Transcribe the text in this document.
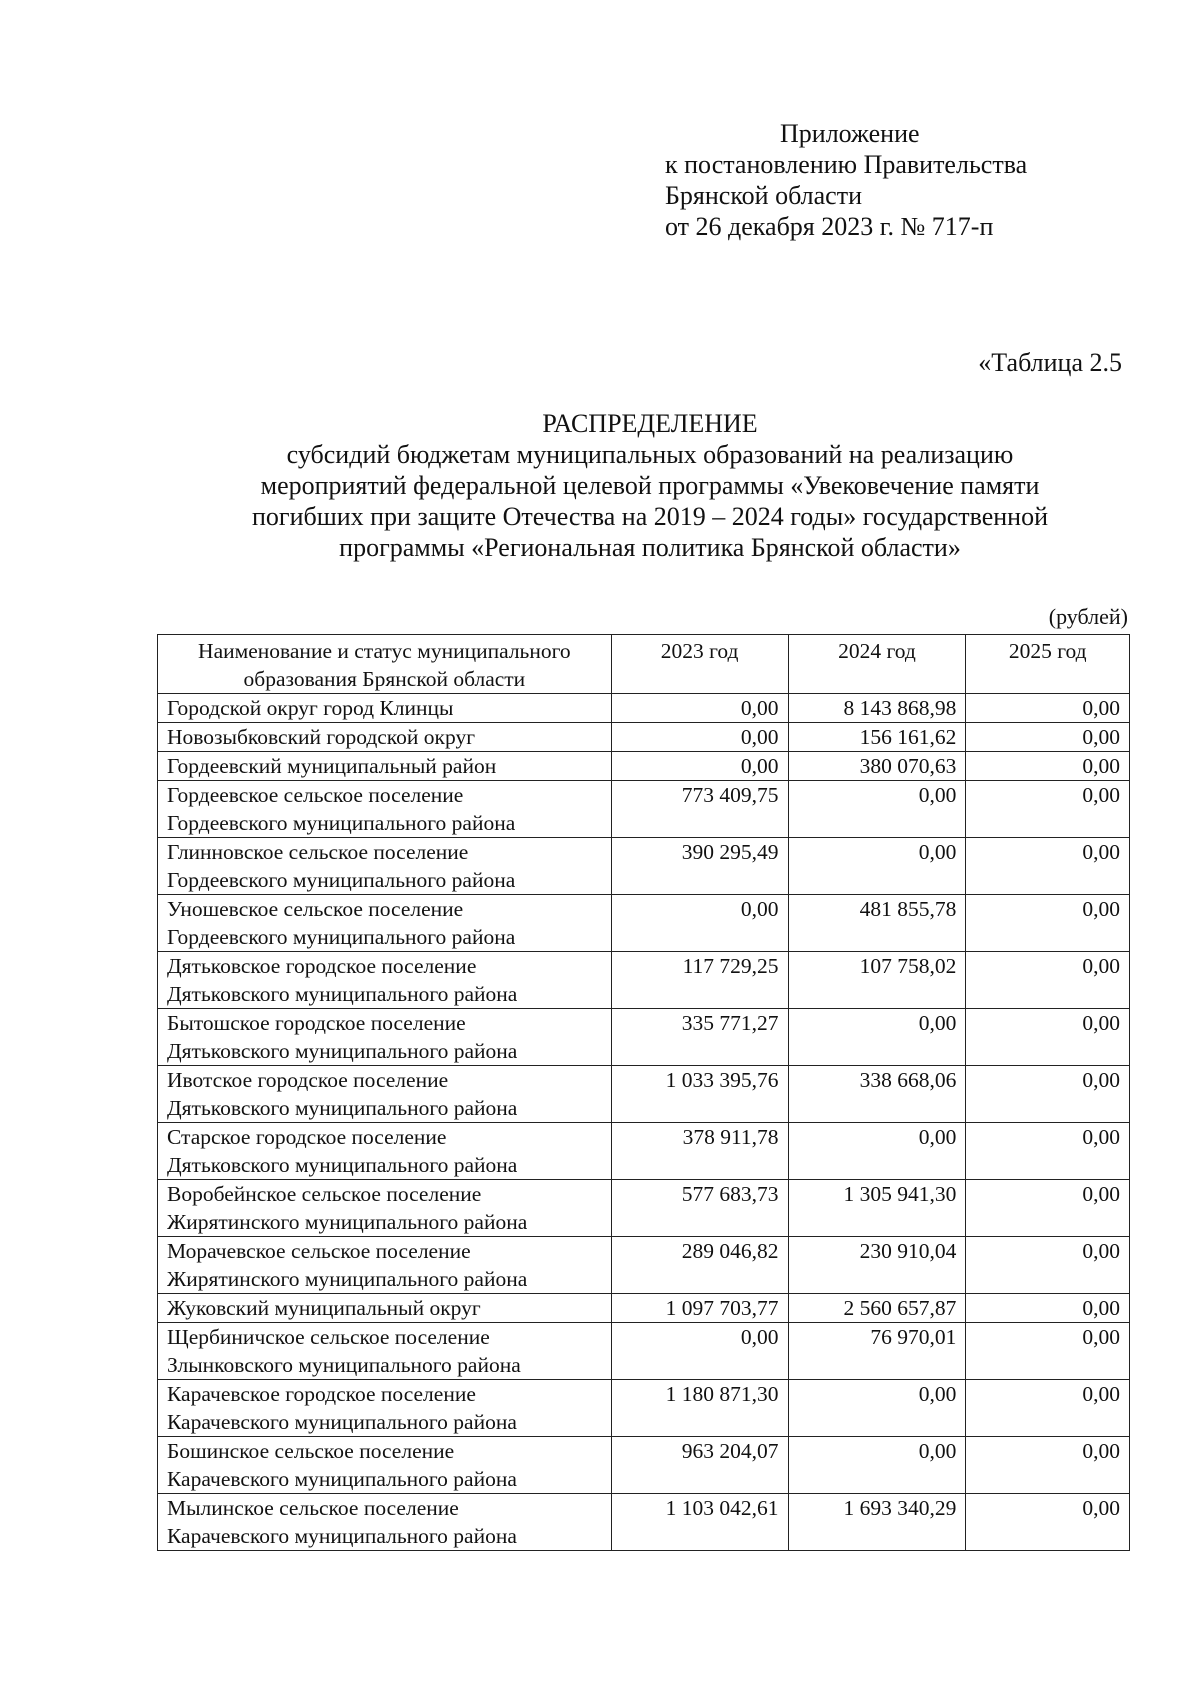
Приложение
к постановлению Правительства
Брянской области
от 26 декабря 2023 г. № 717-п
«Таблица 2.5
РАСПРЕДЕЛЕНИЕ
субсидий бюджетам муниципальных образований на реализацию
мероприятий федеральной целевой программы «Увековечение памяти
погибших при защите Отечества на 2019 – 2024 годы» государственной
программы «Региональная политика Брянской области»
(рублей)
Наименование и статус муниципального
образования Брянской области	2023 год	2024 год	2025 год

Городской округ город Клинцы	0,00	8 143 868,98	0,00

Новозыбковский городской округ	0,00	156 161,62	0,00

Гордеевский муниципальный район	0,00	380 070,63	0,00

Гордеевское сельское поселение
Гордеевского муниципального района	773 409,75	0,00	0,00

Глинновское сельское поселение
Гордеевского муниципального района	390 295,49	0,00	0,00

Уношевское сельское поселение
Гордеевского муниципального района	0,00	481 855,78	0,00

Дятьковское городское поселение
Дятьковского муниципального района	117 729,25	107 758,02	0,00

Бытошское городское поселение
Дятьковского муниципального района	335 771,27	0,00	0,00

Ивотское городское поселение
Дятьковского муниципального района	1 033 395,76	338 668,06	0,00

Старское городское поселение
Дятьковского муниципального района	378 911,78	0,00	0,00

Воробейнское сельское поселение
Жирятинского муниципального района	577 683,73	1 305 941,30	0,00

Морачевское сельское поселение
Жирятинского муниципального района	289 046,82	230 910,04	0,00

Жуковский муниципальный округ	1 097 703,77	2 560 657,87	0,00

Щербиничское сельское поселение
Злынковского муниципального района	0,00	76 970,01	0,00

Карачевское городское поселение
Карачевского муниципального района	1 180 871,30	0,00	0,00

Бошинское сельское поселение
Карачевского муниципального района	963 204,07	0,00	0,00

Мылинское сельское поселение
Карачевского муниципального района	1 103 042,61	1 693 340,29	0,00
